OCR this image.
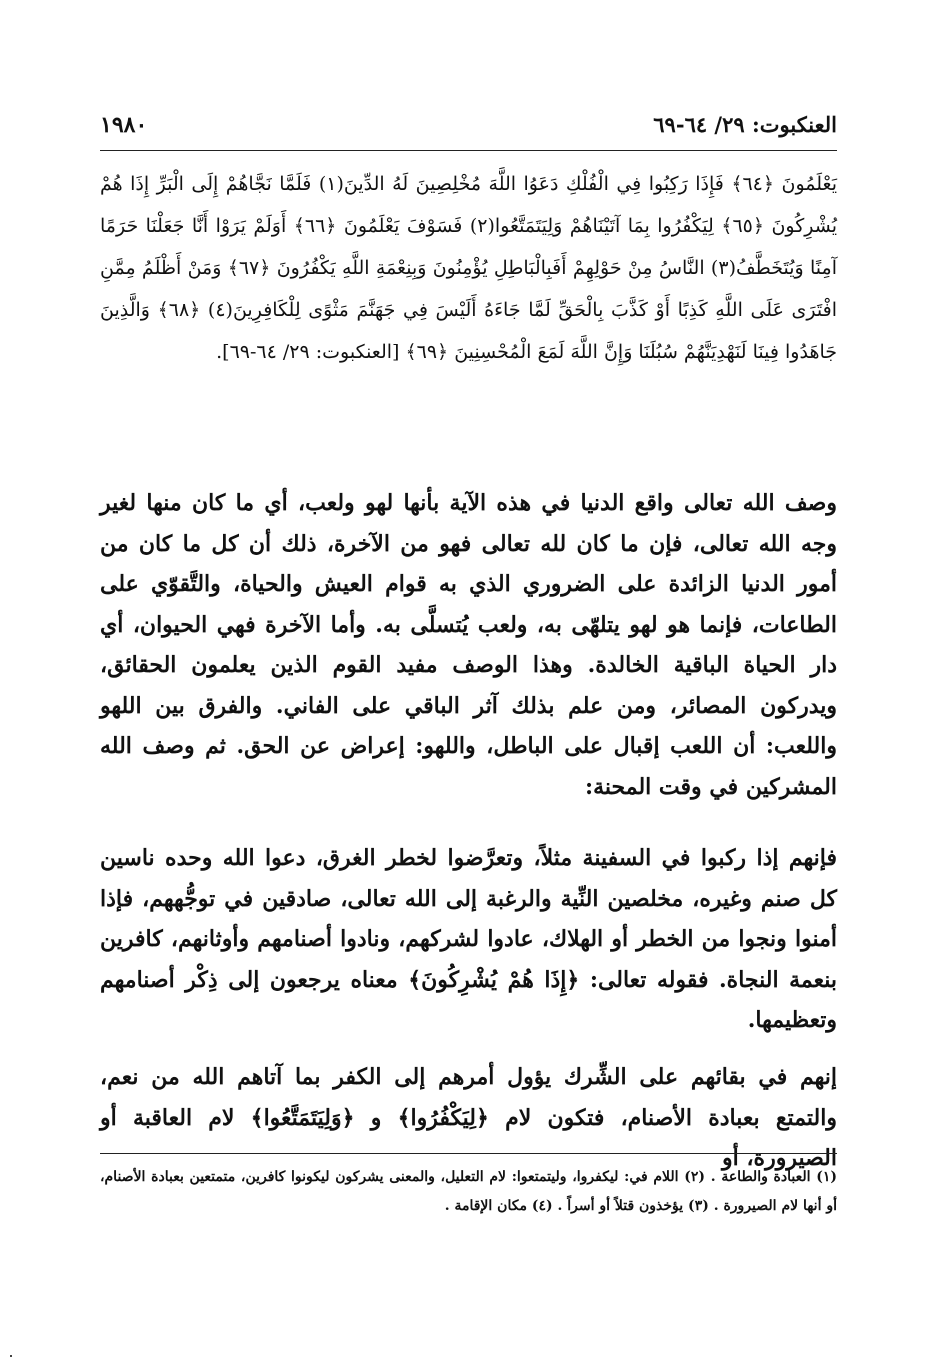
العنكبوت: ٢٩/ ٦٤-٦٩
١٩٨٠
يَعْلَمُونَ ﴿٦٤﴾ فَإِذَا رَكِبُوا فِي الْفُلْكِ دَعَوُا اللَّهَ مُخْلِصِينَ لَهُ الدِّينَ(١) فَلَمَّا نَجَّاهُمْ إِلَى الْبَرِّ إِذَا هُمْ يُشْرِكُونَ ﴿٦٥﴾ لِيَكْفُرُوا بِمَا آتَيْنَاهُمْ وَلِيَتَمَتَّعُوا(٢) فَسَوْفَ يَعْلَمُونَ ﴿٦٦﴾ أَوَلَمْ يَرَوْا أَنَّا جَعَلْنَا حَرَمًا آمِنًا وَيُتَخَطَّفُ(٣) النَّاسُ مِنْ حَوْلِهِمْ أَفَبِالْبَاطِلِ يُؤْمِنُونَ وَبِنِعْمَةِ اللَّهِ يَكْفُرُونَ ﴿٦٧﴾ وَمَنْ أَظْلَمُ مِمَّنِ افْتَرَى عَلَى اللَّهِ كَذِبًا أَوْ كَذَّبَ بِالْحَقِّ لَمَّا جَاءَهُ أَلَيْسَ فِي جَهَنَّمَ مَثْوًى لِلْكَافِرِينَ(٤) ﴿٦٨﴾ وَالَّذِينَ جَاهَدُوا فِينَا لَنَهْدِيَنَّهُمْ سُبُلَنَا وَإِنَّ اللَّهَ لَمَعَ الْمُحْسِنِينَ ﴿٦٩﴾ [العنكبوت: ٢٩/ ٦٤-٦٩].
وصف الله تعالى واقع الدنيا في هذه الآية بأنها لهو ولعب، أي ما كان منها لغير وجه الله تعالى، فإن ما كان لله تعالى فهو من الآخرة، ذلك أن كل ما كان من أمور الدنيا الزائدة على الضروري الذي به قوام العيش والحياة، والتَّقوّي على الطاعات، فإنما هو لهو يتلهّى به، ولعب يُتسلَّى به. وأما الآخرة فهي الحيوان، أي دار الحياة الباقية الخالدة. وهذا الوصف مفيد القوم الذين يعلمون الحقائق، ويدركون المصائر، ومن علم بذلك آثر الباقي على الفاني. والفرق بين اللهو واللعب: أن اللعب إقبال على الباطل، واللهو: إعراض عن الحق. ثم وصف الله المشركين في وقت المحنة:
فإنهم إذا ركبوا في السفينة مثلاً، وتعرَّضوا لخطر الغرق، دعوا الله وحده ناسين كل صنم وغيره، مخلصين النِّية والرغبة إلى الله تعالى، صادقين في توجُّههم، فإذا أمنوا ونجوا من الخطر أو الهلاك، عادوا لشركهم، ونادوا أصنامهم وأوثانهم، كافرين بنعمة النجاة. فقوله تعالى: ﴿إِذَا هُمْ يُشْرِكُونَ﴾ معناه يرجعون إلى ذِكْر أصنامهم وتعظيمها.
إنهم في بقائهم على الشِّرك يؤول أمرهم إلى الكفر بما آتاهم الله من نعم، والتمتع بعبادة الأصنام، فتكون لام ﴿لِيَكْفُرُوا﴾ و ﴿وَلِيَتَمَتَّعُوا﴾ لام العاقبة أو الصيرورة، أو
(١) العبادة والطاعة . (٢) اللام في: ليكفروا، وليتمتعوا: لام التعليل، والمعنى يشركون ليكونوا كافرين، متمتعين بعبادة الأصنام، أو أنها لام الصيرورة . (٣) يؤخذون قتلاً أو أسراً . (٤) مكان الإقامة .
